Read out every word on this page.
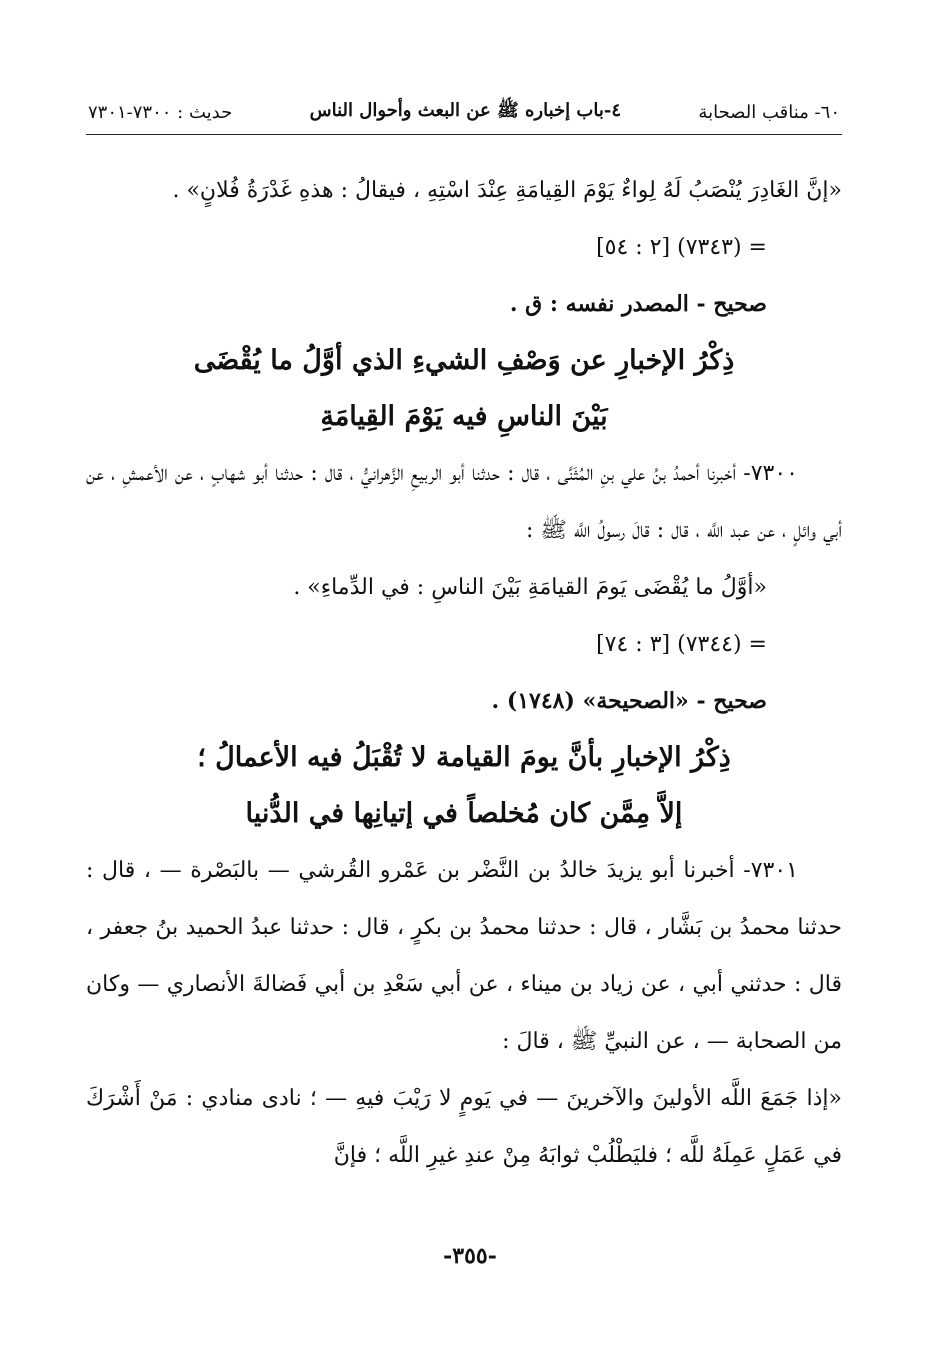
٦٠- مناقب الصحابة
٤-باب إخباره ﷺ عن البعث وأحوال الناس
حديث : ٧٣٠٠-٧٣٠١

«إنَّ الغَادِرَ يُنْصَبُ لَهُ لِواءٌ يَوْمَ القِيامَةِ عِنْدَ اسْتِهِ ، فيقالُ : هذهِ غَدْرَةُ فُلانٍ» .

= (٧٣٤٣) [٢ : ٥٤]

صحيح - المصدر نفسه : ق .

ذِكْرُ الإخبارِ عن وَصْفِ الشيءِ الذي أوَّلُ ما يُقْضَى
بَيْنَ الناسِ فيه يَوْمَ القِيامَةِ

٧٣٠٠- أخبرنا أحمدُ بنُ علي بنِ المُثَنَّى ، قال : حدثنا أبو الربيعِ الزَّهرانيُّ ، قال : حدثنا أبو شهابٍ ، عن الأعمشِ ، عن أبي وائلٍ ، عن عبد اللَّه ، قال : قالَ رسولُ اللَّه ﷺ :

«أوَّلُ ما يُقْضَى يَومَ القيامَةِ بَيْنَ الناسِ : في الدِّماءِ» .

= (٧٣٤٤) [٣ : ٧٤]

صحيح - «الصحيحة» (١٧٤٨) .

ذِكْرُ الإخبارِ بأنَّ يومَ القيامة لا تُقْبَلُ فيه الأعمالُ ؛
إلاَّ مِمَّن كان مُخلصاً في إتيانِها في الدُّنيا

٧٣٠١- أخبرنا أبو يزيدَ خالدُ بن النَّضْر بن عَمْرو القُرشي — بالبَصْرة — ، قال : حدثنا محمدُ بن بَشَّار ، قال : حدثنا محمدُ بن بكرٍ ، قال : حدثنا عبدُ الحميد بنُ جعفر ، قال : حدثني أبي ، عن زياد بن ميناء ، عن أبي سَعْدِ بن أبي فَضالةَ الأنصاري — وكان من الصحابة — ، عن النبيِّ ﷺ ، قالَ :

«إذا جَمَعَ اللَّه الأولينَ والآخرينَ — في يَومٍ لا رَيْبَ فيهِ — ؛ نادى منادي : مَنْ أَشْرَكَ في عَمَلٍ عَمِلَهُ للَّه ؛ فليَطْلُبْ ثوابَهُ مِنْ عندِ غيرِ اللَّه ؛ فإنَّ

-٣٥٥-
